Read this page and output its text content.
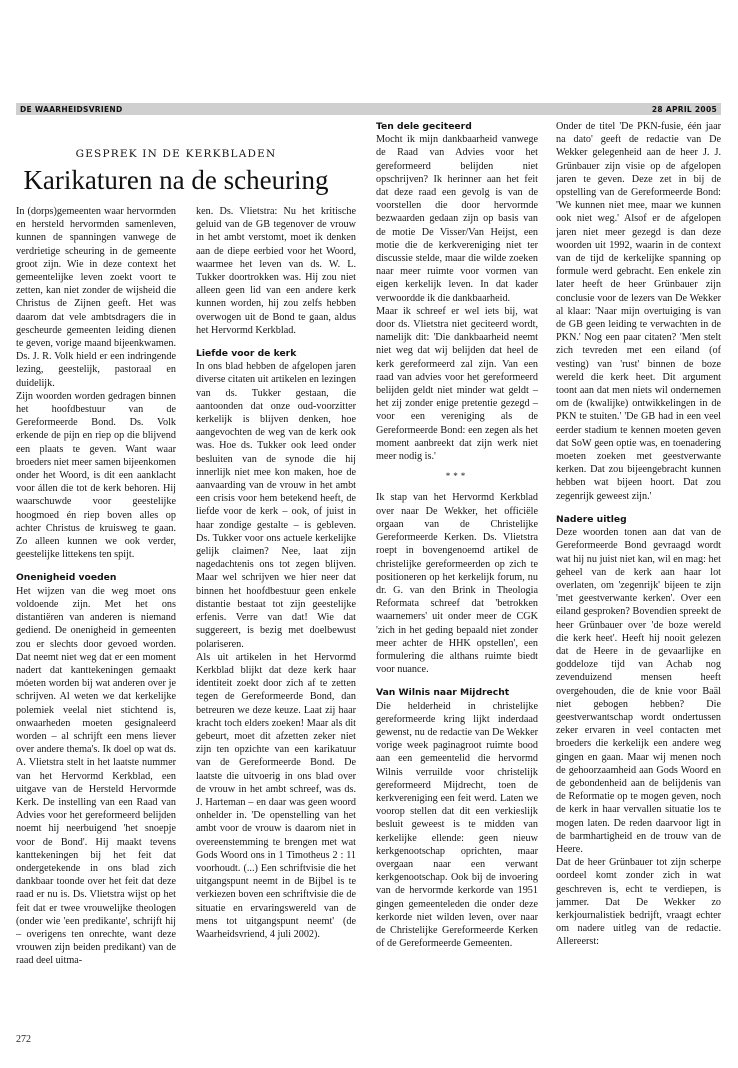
DE WAARHEIDSVRIEND	28 APRIL 2005
GESPREK IN DE KERKBLADEN
Karikaturen na de scheuring

In (dorps)gemeenten waar hervormden en hersteld hervormden samenleven, kunnen de spanningen vanwege de verdrietige scheuring in de gemeente groot zijn. Wie in deze context het gemeentelijke leven zoekt voort te zetten, kan niet zonder de wijsheid die Christus de Zijnen geeft. Het was daarom dat vele ambtsdragers die in gescheurde gemeenten leiding dienen te geven, vorige maand bijeenkwamen. Ds. J. R. Volk hield er een indringende lezing, geestelijk, pastoraal en duidelijk.

Zijn woorden worden gedragen binnen het hoofdbestuur van de Gereformeerde Bond. Ds. Volk erkende de pijn en riep op die blijvend een plaats te geven. Want waar broeders niet meer samen bijeenkomen onder het Woord, is dit een aanklacht voor állen die tot de kerk behoren. Hij waarschuwde voor geestelijke hoogmoed én riep boven alles op achter Christus de kruisweg te gaan. Zo alleen kunnen we ook verder, geestelijke littekens ten spijt.

Onenigheid voeden

Het wijzen van die weg moet ons voldoende zijn. Met het ons distantiëren van anderen is niemand gediend. De onenigheid in gemeenten zou er slechts door gevoed worden. Dat neemt niet weg dat er een moment nadert dat kanttekeningen gemaakt móeten worden bij wat anderen over je schrijven. Al weten we dat kerkelijke polemiek veelal niet stichtend is, onwaarheden moeten gesignaleerd worden – al schrijft een mens liever over andere thema's. Ik doel op wat ds. A. Vlietstra stelt in het laatste nummer van het Hervormd Kerkblad, een uitgave van de Hersteld Hervormde Kerk. De instelling van een Raad van Advies voor het gereformeerd belijden noemt hij neerbuigend 'het snoepje voor de Bond'. Hij maakt tevens kanttekeningen bij het feit dat ondergetekende in ons blad zich dankbaar toonde over het feit dat deze raad er nu is. Ds. Vlietstra wijst op het feit dat er twee vrouwelijke theologen (onder wie 'een predikante', schrijft hij – overigens ten onrechte, want deze vrouwen zijn beiden predikant) van de raad deel uitma-

ken. Ds. Vlietstra: Nu het kritische geluid van de GB tegenover de vrouw in het ambt verstomt, moet ik denken aan de diepe eerbied voor het Woord, waarmee het leven van ds. W. L. Tukker doortrokken was. Hij zou niet alleen geen lid van een andere kerk kunnen worden, hij zou zelfs hebben overwogen uit de Bond te gaan, aldus het Hervormd Kerkblad.

Liefde voor de kerk

In ons blad hebben de afgelopen jaren diverse citaten uit artikelen en lezingen van ds. Tukker gestaan, die aantoonden dat onze oud-voorzitter kerkelijk is blijven denken, hoe aangevochten de weg van de kerk ook was. Hoe ds. Tukker ook leed onder besluiten van de synode die hij innerlijk niet mee kon maken, hoe de aanvaarding van de vrouw in het ambt een crisis voor hem betekend heeft, de liefde voor de kerk – ook, of juist in haar zondige gestalte – is gebleven. Ds. Tukker voor ons actuele kerkelijke gelijk claimen? Nee, laat zijn nagedachtenis ons tot zegen blijven. Maar wel schrijven we hier neer dat binnen het hoofdbestuur geen enkele distantie bestaat tot zijn geestelijke erfenis. Verre van dat! Wie dat suggereert, is bezig met doelbewust polariseren.

Als uit artikelen in het Hervormd Kerkblad blijkt dat deze kerk haar identiteit zoekt door zich af te zetten tegen de Gereformeerde Bond, dan betreuren we deze keuze. Laat zij haar kracht toch elders zoeken! Maar als dit gebeurt, moet dit afzetten zeker niet zijn ten opzichte van een karikatuur van de Gereformeerde Bond. De laatste die uitvoerig in ons blad over de vrouw in het ambt schreef, was ds. J. Harteman – en daar was geen woord onhelder in. 'De openstelling van het ambt voor de vrouw is daarom niet in overeenstemming te brengen met wat Gods Woord ons in 1 Timotheus 2 : 11 voorhoudt. (...) Een schriftvisie die het uitgangspunt neemt in de Bijbel is te verkiezen boven een schriftvisie die de situatie en ervaringswereld van de mens tot uitgangspunt neemt' (de Waarheidsvriend, 4 juli 2002).

Ten dele geciteerd

Mocht ik mijn dankbaarheid vanwege de Raad van Advies voor het gereformeerd belijden niet opschrijven? Ik herinner aan het feit dat deze raad een gevolg is van de voorstellen die door hervormde bezwaarden gedaan zijn op basis van de motie De Visser/Van Heijst, een motie die de kerkvereniging niet ter discussie stelde, maar die wilde zoeken naar meer ruimte voor vormen van eigen kerkelijk leven. In dat kader verwoordde ik die dankbaarheid.

Maar ik schreef er wel iets bij, wat door ds. Vlietstra niet geciteerd wordt, namelijk dit: 'Die dankbaarheid neemt niet weg dat wij belijden dat heel de kerk gereformeerd zal zijn. Van een raad van advies voor het gereformeerd belijden geldt niet minder wat geldt – het zij zonder enige pretentie gezegd – voor een vereniging als de Gereformeerde Bond: een zegen als het moment aanbreekt dat zijn werk niet meer nodig is.'

***

Ik stap van het Hervormd Kerkblad over naar De Wekker, het officiële orgaan van de Christelijke Gereformeerde Kerken. Ds. Vlietstra roept in bovengenoemd artikel de christelijke gereformeerden op zich te positioneren op het kerkelijk forum, nu dr. G. van den Brink in Theologia Reformata schreef dat 'betrokken waarnemers' uit onder meer de CGK 'zich in het geding bepaald niet zonder meer achter de HHK opstellen', een formulering die althans ruimte biedt voor nuance.

Van Wilnis naar Mijdrecht

Die helderheid in christelijke gereformeerde kring lijkt inderdaad gewenst, nu de redactie van De Wekker vorige week paginagroot ruimte bood aan een gemeentelid die hervormd Wilnis verruilde voor christelijk gereformeerd Mijdrecht, toen de kerkvereniging een feit werd. Laten we voorop stellen dat dit een verkieslijk besluit geweest is te midden van kerkelijke ellende: geen nieuw kerkgenootschap oprichten, maar overgaan naar een verwant kerkgenootschap. Ook bij de invoering van de hervormde kerkorde van 1951 gingen gemeenteleden die onder deze kerkorde niet wilden leven, over naar de Christelijke Gereformeerde Kerken of de Gereformeerde Gemeenten.

Onder de titel 'De PKN-fusie, één jaar na dato' geeft de redactie van De Wekker gelegenheid aan de heer J. J. Grünbauer zijn visie op de afgelopen jaren te geven. Deze zet in bij de opstelling van de Gereformeerde Bond: 'We kunnen niet mee, maar we kunnen ook niet weg.' Alsof er de afgelopen jaren niet meer gezegd is dan deze woorden uit 1992, waarin in de context van de tijd de kerkelijke spanning op formule werd gebracht. Een enkele zin later heeft de heer Grünbauer zijn conclusie voor de lezers van De Wekker al klaar: 'Naar mijn overtuiging is van de GB geen leiding te verwachten in de PKN.' Nog een paar citaten? 'Men stelt zich tevreden met een eiland (of vesting) van 'rust' binnen de boze wereld die kerk heet. Dit argument toont aan dat men niets wil ondernemen om de (kwalijke) ontwikkelingen in de PKN te stuiten.' 'De GB had in een veel eerder stadium te kennen moeten geven dat SoW geen optie was, en toenadering moeten zoeken met geestverwante kerken. Dat zou bijeengebracht kunnen hebben wat bijeen hoort. Dat zou zegenrijk geweest zijn.'

Nadere uitleg

Deze woorden tonen aan dat van de Gereformeerde Bond gevraagd wordt wat hij nu juist niet kan, wil en mag: het geheel van de kerk aan haar lot overlaten, om 'zegenrijk' bijeen te zijn 'met geestverwante kerken'. Over een eiland gesproken? Bovendien spreekt de heer Grünbauer over 'de boze wereld die kerk heet'. Heeft hij nooit gelezen dat de Heere in de gevaarlijke en goddeloze tijd van Achab nog zevenduizend mensen heeft overgehouden, die de knie voor Baäl niet gebogen hebben? Die geestverwantschap wordt ondertussen zeker ervaren in veel contacten met broeders die kerkelijk een andere weg gingen en gaan. Maar wij menen noch de gehoorzaamheid aan Gods Woord en de gebondenheid aan de belijdenis van de Reformatie op te mogen geven, noch de kerk in haar vervallen situatie los te mogen laten. De reden daarvoor ligt in de barmhartigheid en de trouw van de Heere.

Dat de heer Grünbauer tot zijn scherpe oordeel komt zonder zich in wat geschreven is, echt te verdiepen, is jammer. Dat De Wekker zo kerkjournalistiek bedrijft, vraagt echter om nadere uitleg van de redactie. Allereerst:

272
